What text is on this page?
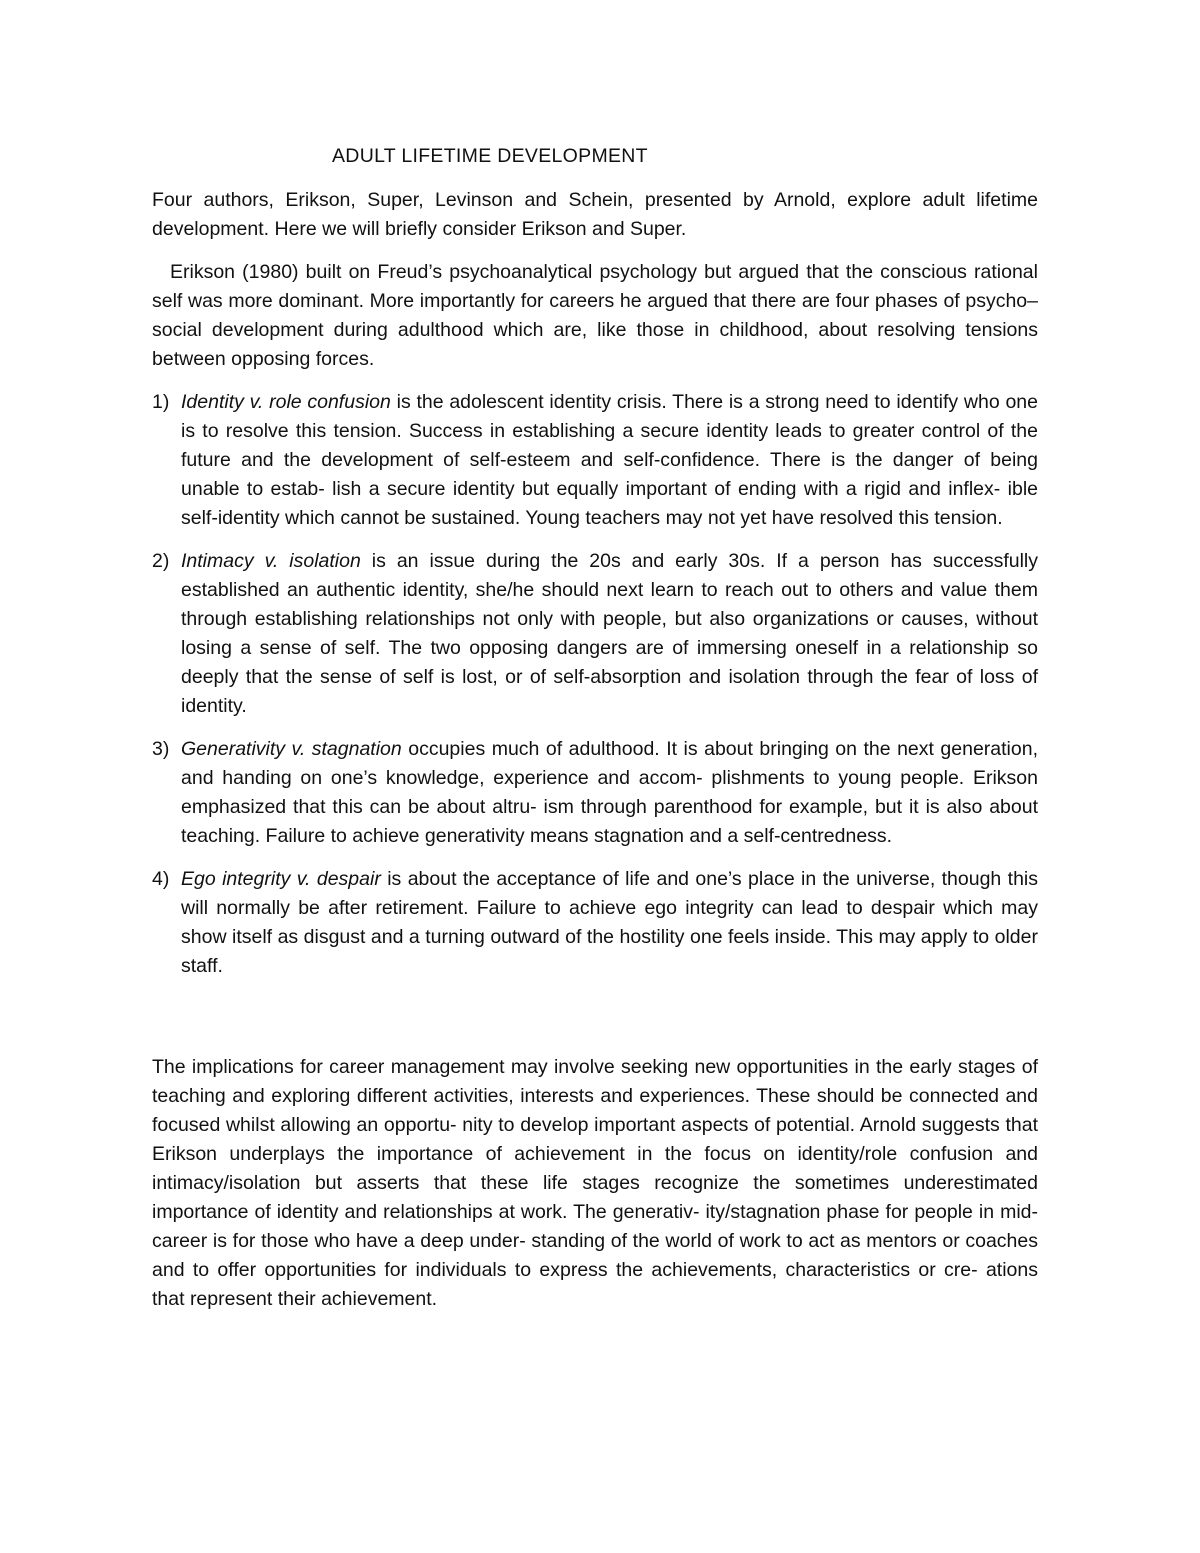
ADULT LIFETIME DEVELOPMENT

Four authors, Erikson, Super, Levinson and Schein, presented by Arnold, explore adult lifetime development. Here we will briefly consider Erikson and Super.

Erikson (1980) built on Freud’s psychoanalytical psychology but argued that the conscious rational self was more dominant. More importantly for careers he argued that there are four phases of psycho–social development during adulthood which are, like those in childhood, about resolving tensions between opposing forces.

1) Identity v. role confusion is the adolescent identity crisis. There is a strong need to identify who one is to resolve this tension. Success in establishing a secure identity leads to greater control of the future and the development of self-esteem and self-confidence. There is the danger of being unable to estab- lish a secure identity but equally important of ending with a rigid and inflex- ible self-identity which cannot be sustained. Young teachers may not yet have resolved this tension.
2) Intimacy v. isolation is an issue during the 20s and early 30s. If a person has successfully established an authentic identity, she/he should next learn to reach out to others and value them through establishing relationships not only with people, but also organizations or causes, without losing a sense of self. The two opposing dangers are of immersing oneself in a relationship so deeply that the sense of self is lost, or of self-absorption and isolation through the fear of loss of identity.
3) Generativity v. stagnation occupies much of adulthood. It is about bringing on the next generation, and handing on one’s knowledge, experience and accom- plishments to young people. Erikson emphasized that this can be about altru- ism through parenthood for example, but it is also about teaching. Failure to achieve generativity means stagnation and a self-centredness.
4) Ego integrity v. despair is about the acceptance of life and one’s place in the universe, though this will normally be after retirement. Failure to achieve ego integrity can lead to despair which may show itself as disgust and a turning outward of the hostility one feels inside. This may apply to older staff.

The implications for career management may involve seeking new opportunities in the early stages of teaching and exploring different activities, interests and experiences. These should be connected and focused whilst allowing an opportu- nity to develop important aspects of potential. Arnold suggests that Erikson underplays the importance of achievement in the focus on identity/role confusion and intimacy/isolation but asserts that these life stages recognize the sometimes underestimated importance of identity and relationships at work. The generativ- ity/stagnation phase for people in mid-career is for those who have a deep under- standing of the world of work to act as mentors or coaches and to offer opportunities for individuals to express the achievements, characteristics or cre- ations that represent their achievement.
